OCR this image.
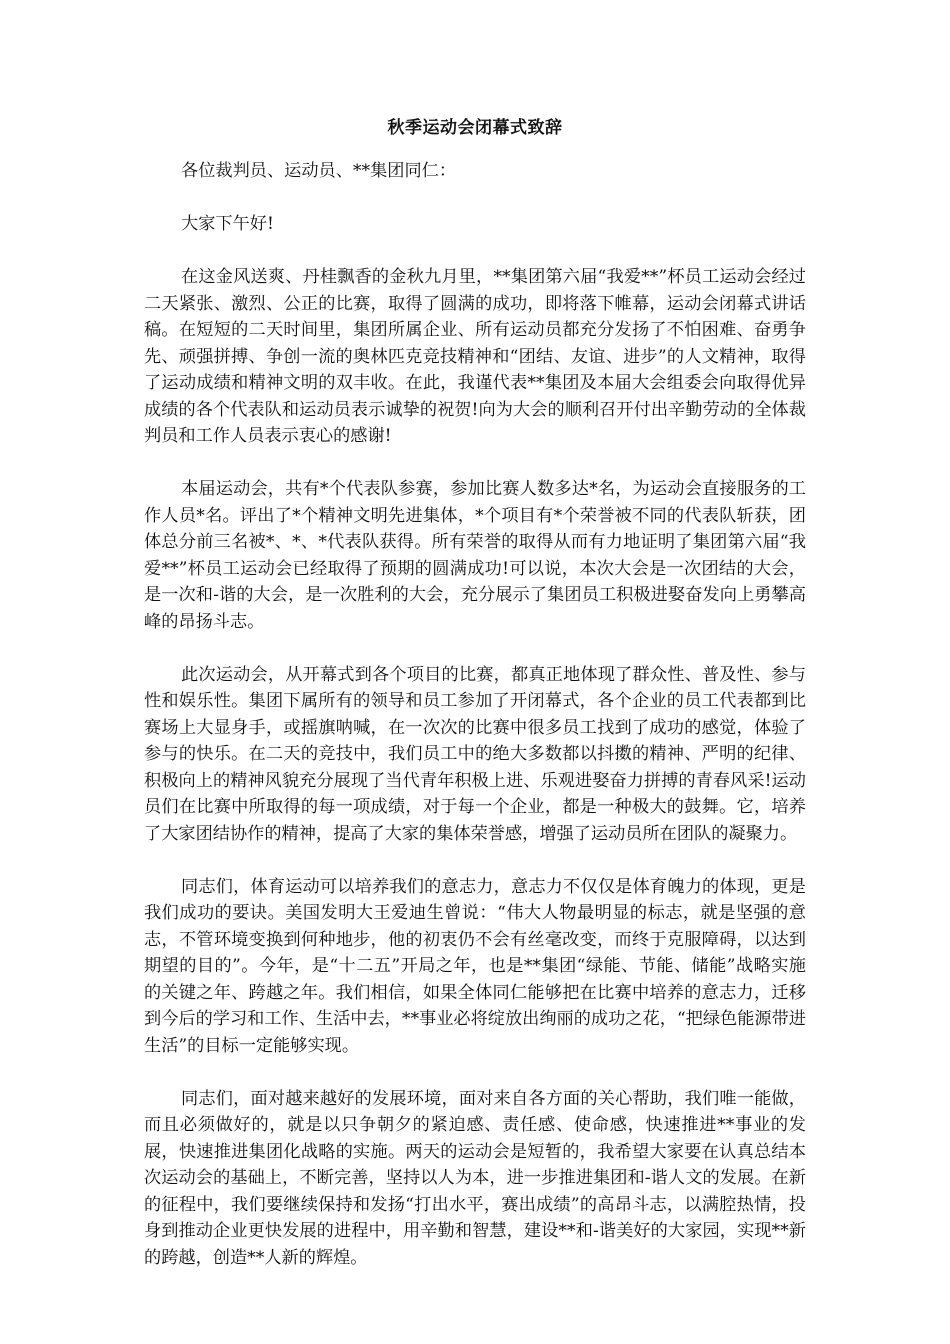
秋季运动会闭幕式致辞

各位裁判员、运动员、**集团同仁：

大家下午好!

在这金风送爽、丹桂飘香的金秋九月里，**集团第六届“我爱**”杯员工运动会经过二天紧张、激烈、公正的比赛，取得了圆满的成功，即将落下帷幕，运动会闭幕式讲话稿。在短短的二天时间里，集团所属企业、所有运动员都充分发扬了不怕困难、奋勇争先、顽强拼搏、争创一流的奥林匹克竞技精神和“团结、友谊、进步”的人文精神，取得了运动成绩和精神文明的双丰收。在此，我谨代表**集团及本届大会组委会向取得优异成绩的各个代表队和运动员表示诚挚的祝贺!向为大会的顺利召开付出辛勤劳动的全体裁判员和工作人员表示衷心的感谢!

本届运动会，共有*个代表队参赛，参加比赛人数多达*名，为运动会直接服务的工作人员*名。评出了*个精神文明先进集体，*个项目有*个荣誉被不同的代表队斩获，团体总分前三名被*、*、*代表队获得。所有荣誉的取得从而有力地证明了集团第六届“我爱**”杯员工运动会已经取得了预期的圆满成功!可以说，本次大会是一次团结的大会，是一次和-谐的大会，是一次胜利的大会，充分展示了集团员工积极进娶奋发向上勇攀高峰的昂扬斗志。

此次运动会，从开幕式到各个项目的比赛，都真正地体现了群众性、普及性、参与性和娱乐性。集团下属所有的领导和员工参加了开闭幕式，各个企业的员工代表都到比赛场上大显身手，或摇旗呐喊，在一次次的比赛中很多员工找到了成功的感觉，体验了参与的快乐。在二天的竞技中，我们员工中的绝大多数都以抖擞的精神、严明的纪律、积极向上的精神风貌充分展现了当代青年积极上进、乐观进娶奋力拼搏的青春风采!运动员们在比赛中所取得的每一项成绩，对于每一个企业，都是一种极大的鼓舞。它，培养了大家团结协作的精神，提高了大家的集体荣誉感，增强了运动员所在团队的凝聚力。

同志们，体育运动可以培养我们的意志力，意志力不仅仅是体育魄力的体现，更是我们成功的要诀。美国发明大王爱迪生曾说：“伟大人物最明显的标志，就是坚强的意志，不管环境变换到何种地步，他的初衷仍不会有丝毫改变，而终于克服障碍，以达到期望的目的”。今年，是“十二五”开局之年，也是**集团“绿能、节能、储能”战略实施的关键之年、跨越之年。我们相信，如果全体同仁能够把在比赛中培养的意志力，迁移到今后的学习和工作、生活中去，**事业必将绽放出绚丽的成功之花，“把绿色能源带进生活”的目标一定能够实现。

同志们，面对越来越好的发展环境，面对来自各方面的关心帮助，我们唯一能做，而且必须做好的，就是以只争朝夕的紧迫感、责任感、使命感，快速推进**事业的发展，快速推进集团化战略的实施。两天的运动会是短暂的，我希望大家要在认真总结本次运动会的基础上，不断完善，坚持以人为本，进一步推进集团和-谐人文的发展。在新的征程中，我们要继续保持和发扬“打出水平，赛出成绩”的高昂斗志，以满腔热情，投身到推动企业更快发展的进程中，用辛勤和智慧，建设**和-谐美好的大家园，实现**新的跨越，创造**人新的辉煌。
